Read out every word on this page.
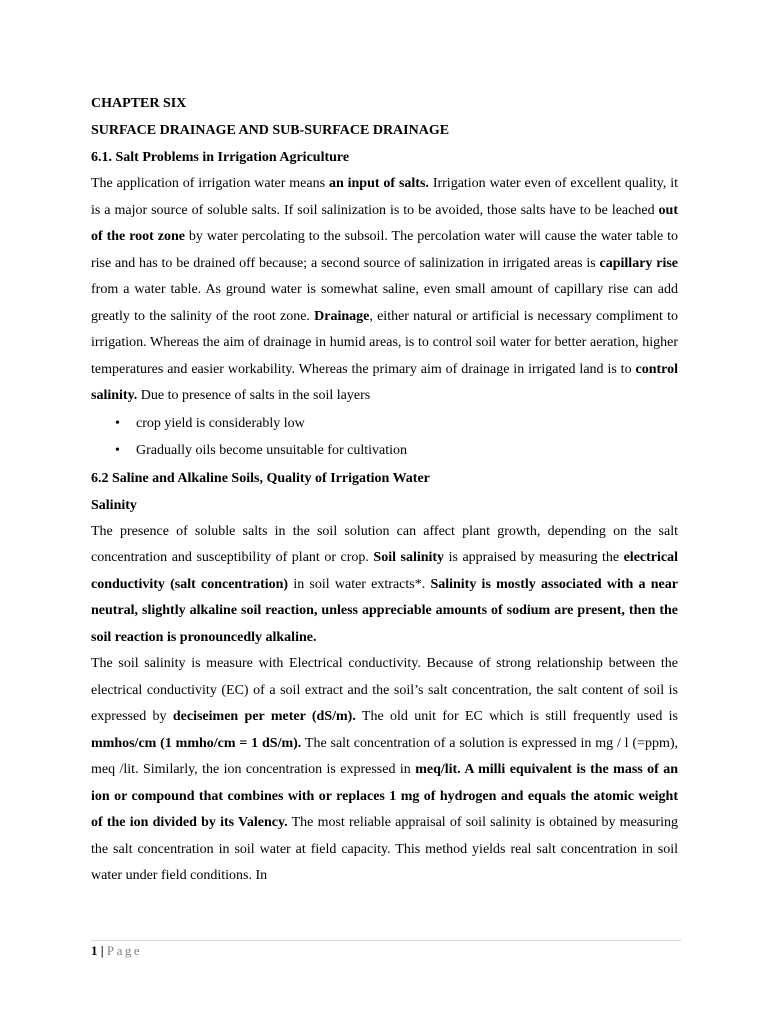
CHAPTER SIX

SURFACE DRAINAGE AND SUB-SURFACE DRAINAGE

6.1. Salt Problems in Irrigation Agriculture

The application of irrigation water means an input of salts. Irrigation water even of excellent quality, it is a major source of soluble salts. If soil salinization is to be avoided, those salts have to be leached out of the root zone by water percolating to the subsoil. The percolation water will cause the water table to rise and has to be drained off because; a second source of salinization in irrigated areas is capillary rise from a water table. As ground water is somewhat saline, even small amount of capillary rise can add greatly to the salinity of the root zone. Drainage, either natural or artificial is necessary compliment to irrigation. Whereas the aim of drainage in humid areas, is to control soil water for better aeration, higher temperatures and easier workability. Whereas the primary aim of drainage in irrigated land is to control salinity. Due to presence of salts in the soil layers

• crop yield is considerably low
• Gradually oils become unsuitable for cultivation

6.2 Saline and Alkaline Soils, Quality of Irrigation Water

Salinity

The presence of soluble salts in the soil solution can affect plant growth, depending on the salt concentration and susceptibility of plant or crop. Soil salinity is appraised by measuring the electrical conductivity (salt concentration) in soil water extracts*. Salinity is mostly associated with a near neutral, slightly alkaline soil reaction, unless appreciable amounts of sodium are present, then the soil reaction is pronouncedly alkaline.

The soil salinity is measure with Electrical conductivity. Because of strong relationship between the electrical conductivity (EC) of a soil extract and the soil’s salt concentration, the salt content of soil is expressed by deciseimen per meter (dS/m). The old unit for EC which is still frequently used is mmhos/cm (1 mmho/cm = 1 dS/m). The salt concentration of a solution is expressed in mg / l (=ppm), meq /lit. Similarly, the ion concentration is expressed in meq/lit. A milli equivalent is the mass of an ion or compound that combines with or replaces 1 mg of hydrogen and equals the atomic weight of the ion divided by its Valency. The most reliable appraisal of soil salinity is obtained by measuring the salt concentration in soil water at field capacity. This method yields real salt concentration in soil water under field conditions. In

1 | Page
